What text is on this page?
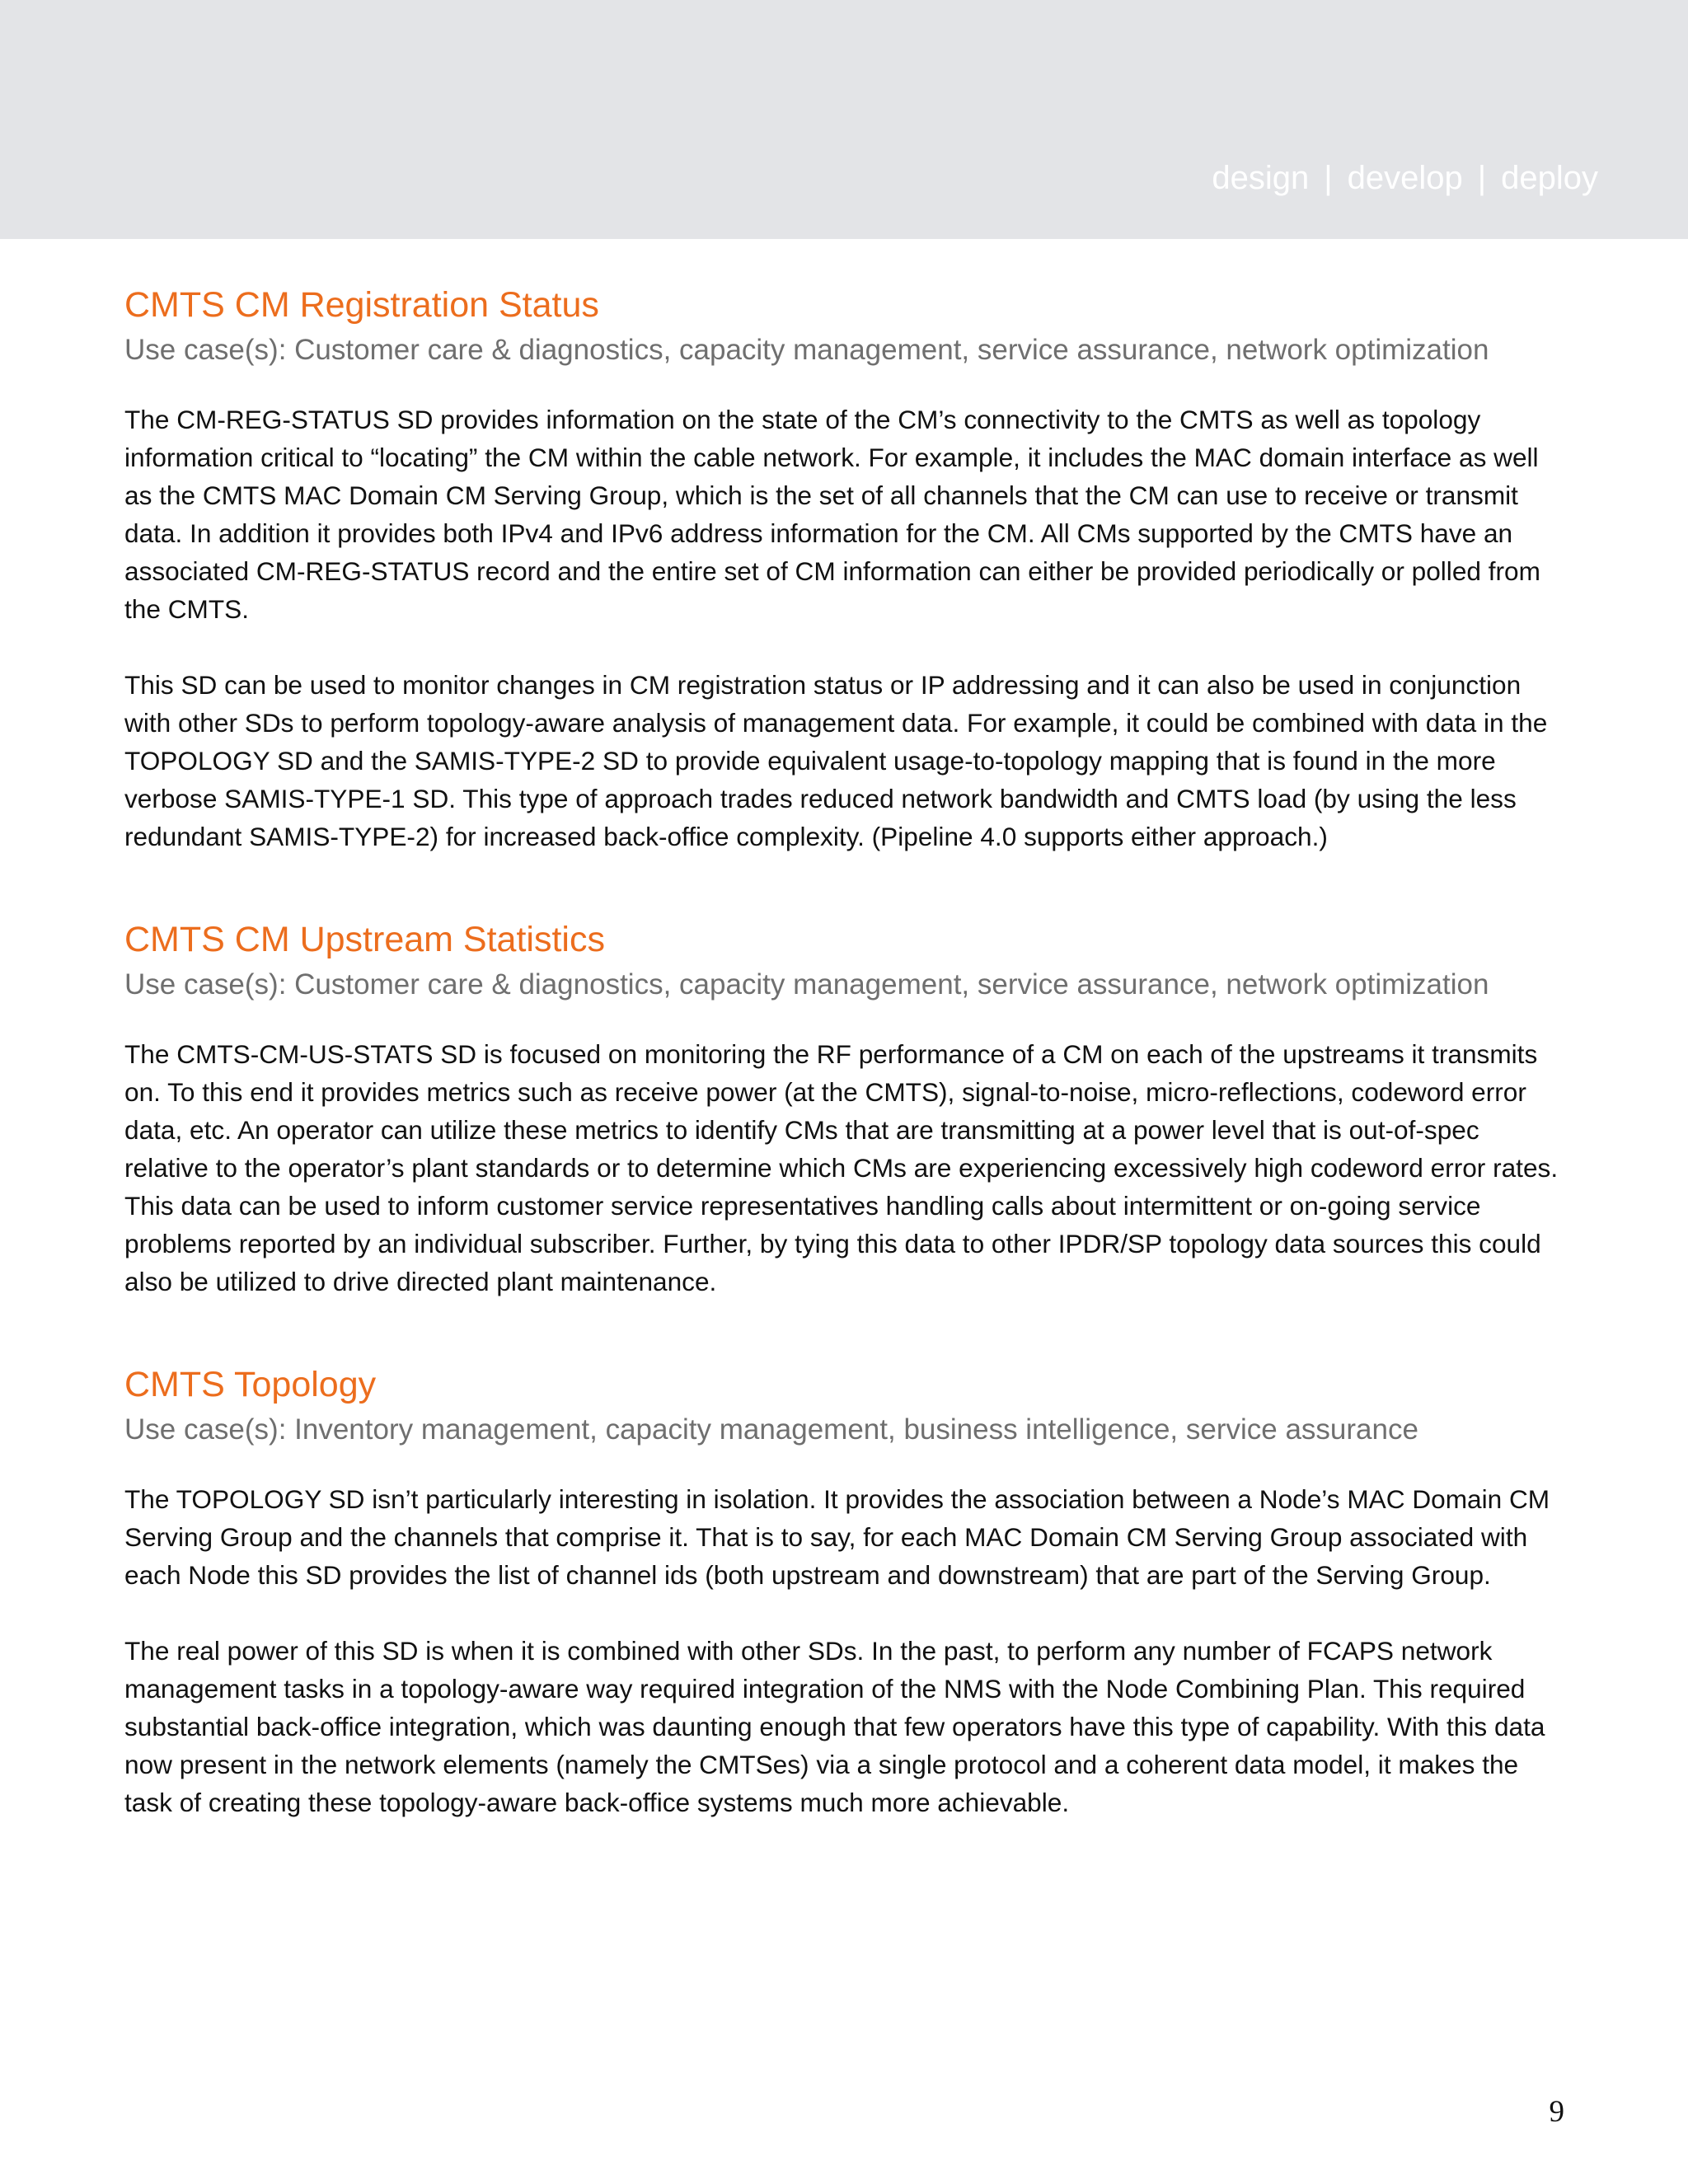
design | develop | deploy
CMTS CM Registration Status

Use case(s): Customer care & diagnostics, capacity management, service assurance, network optimization

The CM-REG-STATUS SD provides information on the state of the CM’s connectivity to the CMTS as well as topology information critical to “locating” the CM within the cable network. For example, it includes the MAC domain interface as well as the CMTS MAC Domain CM Serving Group, which is the set of all channels that the CM can use to receive or transmit data. In addition it provides both IPv4 and IPv6 address information for the CM. All CMs supported by the CMTS have an associated CM-REG-STATUS record and the entire set of CM information can either be provided periodically or polled from the CMTS.

This SD can be used to monitor changes in CM registration status or IP addressing and it can also be used in conjunction with other SDs to perform topology-aware analysis of management data. For example, it could be combined with data in the TOPOLOGY SD and the SAMIS-TYPE-2 SD to provide equivalent usage-to-topology mapping that is found in the more verbose SAMIS-TYPE-1 SD. This type of approach trades reduced network bandwidth and CMTS load (by using the less redundant SAMIS-TYPE-2) for increased back-office complexity. (Pipeline 4.0 supports either approach.)

CMTS CM Upstream Statistics

Use case(s): Customer care & diagnostics, capacity management, service assurance, network optimization

The CMTS-CM-US-STATS SD is focused on monitoring the RF performance of a CM on each of the upstreams it transmits on. To this end it provides metrics such as receive power (at the CMTS), signal-to-noise, micro-reflections, codeword error data, etc. An operator can utilize these metrics to identify CMs that are transmitting at a power level that is out-of-spec relative to the operator’s plant standards or to determine which CMs are experiencing excessively high codeword error rates. This data can be used to inform customer service representatives handling calls about intermittent or on-going service problems reported by an individual subscriber. Further, by tying this data to other IPDR/SP topology data sources this could also be utilized to drive directed plant maintenance.

CMTS Topology

Use case(s): Inventory management, capacity management, business intelligence, service assurance

The TOPOLOGY SD isn’t particularly interesting in isolation. It provides the association between a Node’s MAC Domain CM Serving Group and the channels that comprise it. That is to say, for each MAC Domain CM Serving Group associated with each Node this SD provides the list of channel ids (both upstream and downstream) that are part of the Serving Group.

The real power of this SD is when it is combined with other SDs. In the past, to perform any number of FCAPS network management tasks in a topology-aware way required integration of the NMS with the Node Combining Plan. This required substantial back-office integration, which was daunting enough that few operators have this type of capability. With this data now present in the network elements (namely the CMTSes) via a single protocol and a coherent data model, it makes the task of creating these topology-aware back-office systems much more achievable.

9
